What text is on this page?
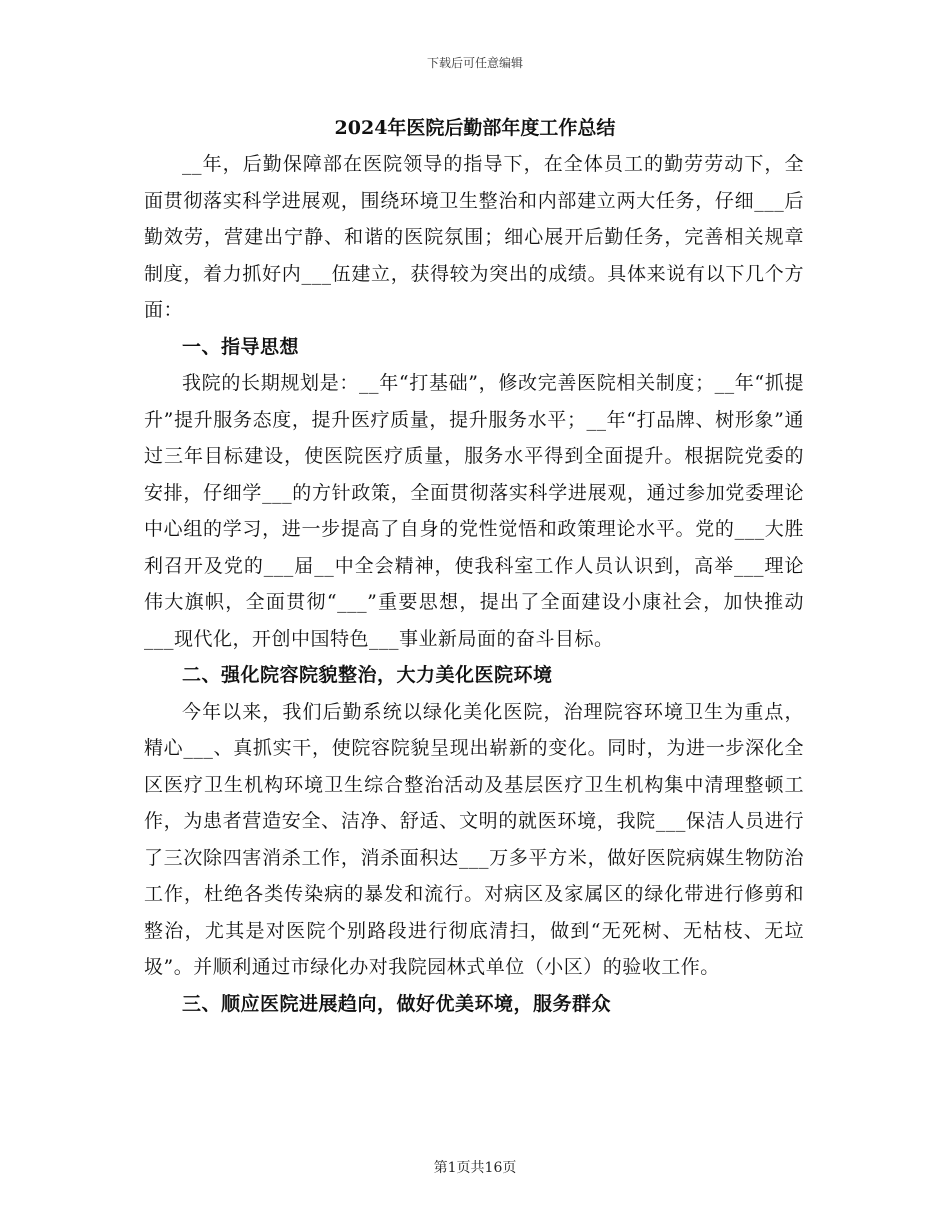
下载后可任意编辑
2024年医院后勤部年度工作总结

__年，后勤保障部在医院领导的指导下，在全体员工的勤劳劳动下，全面贯彻落实科学进展观，围绕环境卫生整治和内部建立两大任务，仔细___后勤效劳，营建出宁静、和谐的医院氛围；细心展开后勤任务，完善相关规章制度，着力抓好内___伍建立，获得较为突出的成绩。具体来说有以下几个方面：

一、指导思想

我院的长期规划是：__年“打基础”，修改完善医院相关制度；__年“抓提升”提升服务态度，提升医疗质量，提升服务水平；__年“打品牌、树形象”通过三年目标建设，使医院医疗质量，服务水平得到全面提升。根据院党委的安排，仔细学___的方针政策，全面贯彻落实科学进展观，通过参加党委理论中心组的学习，进一步提高了自身的党性觉悟和政策理论水平。党的___大胜利召开及党的___届__中全会精神，使我科室工作人员认识到，高举___理论伟大旗帜，全面贯彻“___”重要思想，提出了全面建设小康社会，加快推动___现代化，开创中国特色___事业新局面的奋斗目标。

二、强化院容院貌整治，大力美化医院环境

今年以来，我们后勤系统以绿化美化医院，治理院容环境卫生为重点，精心___、真抓实干，使院容院貌呈现出崭新的变化。同时，为进一步深化全区医疗卫生机构环境卫生综合整治活动及基层医疗卫生机构集中清理整顿工作，为患者营造安全、洁净、舒适、文明的就医环境，我院___保洁人员进行了三次除四害消杀工作，消杀面积达___万多平方米，做好医院病媒生物防治工作，杜绝各类传染病的暴发和流行。对病区及家属区的绿化带进行修剪和整治，尤其是对医院个别路段进行彻底清扫，做到“无死树、无枯枝、无垃圾”。并顺利通过市绿化办对我院园林式单位（小区）的验收工作。

三、顺应医院进展趋向，做好优美环境，服务群众
第1页共16页
